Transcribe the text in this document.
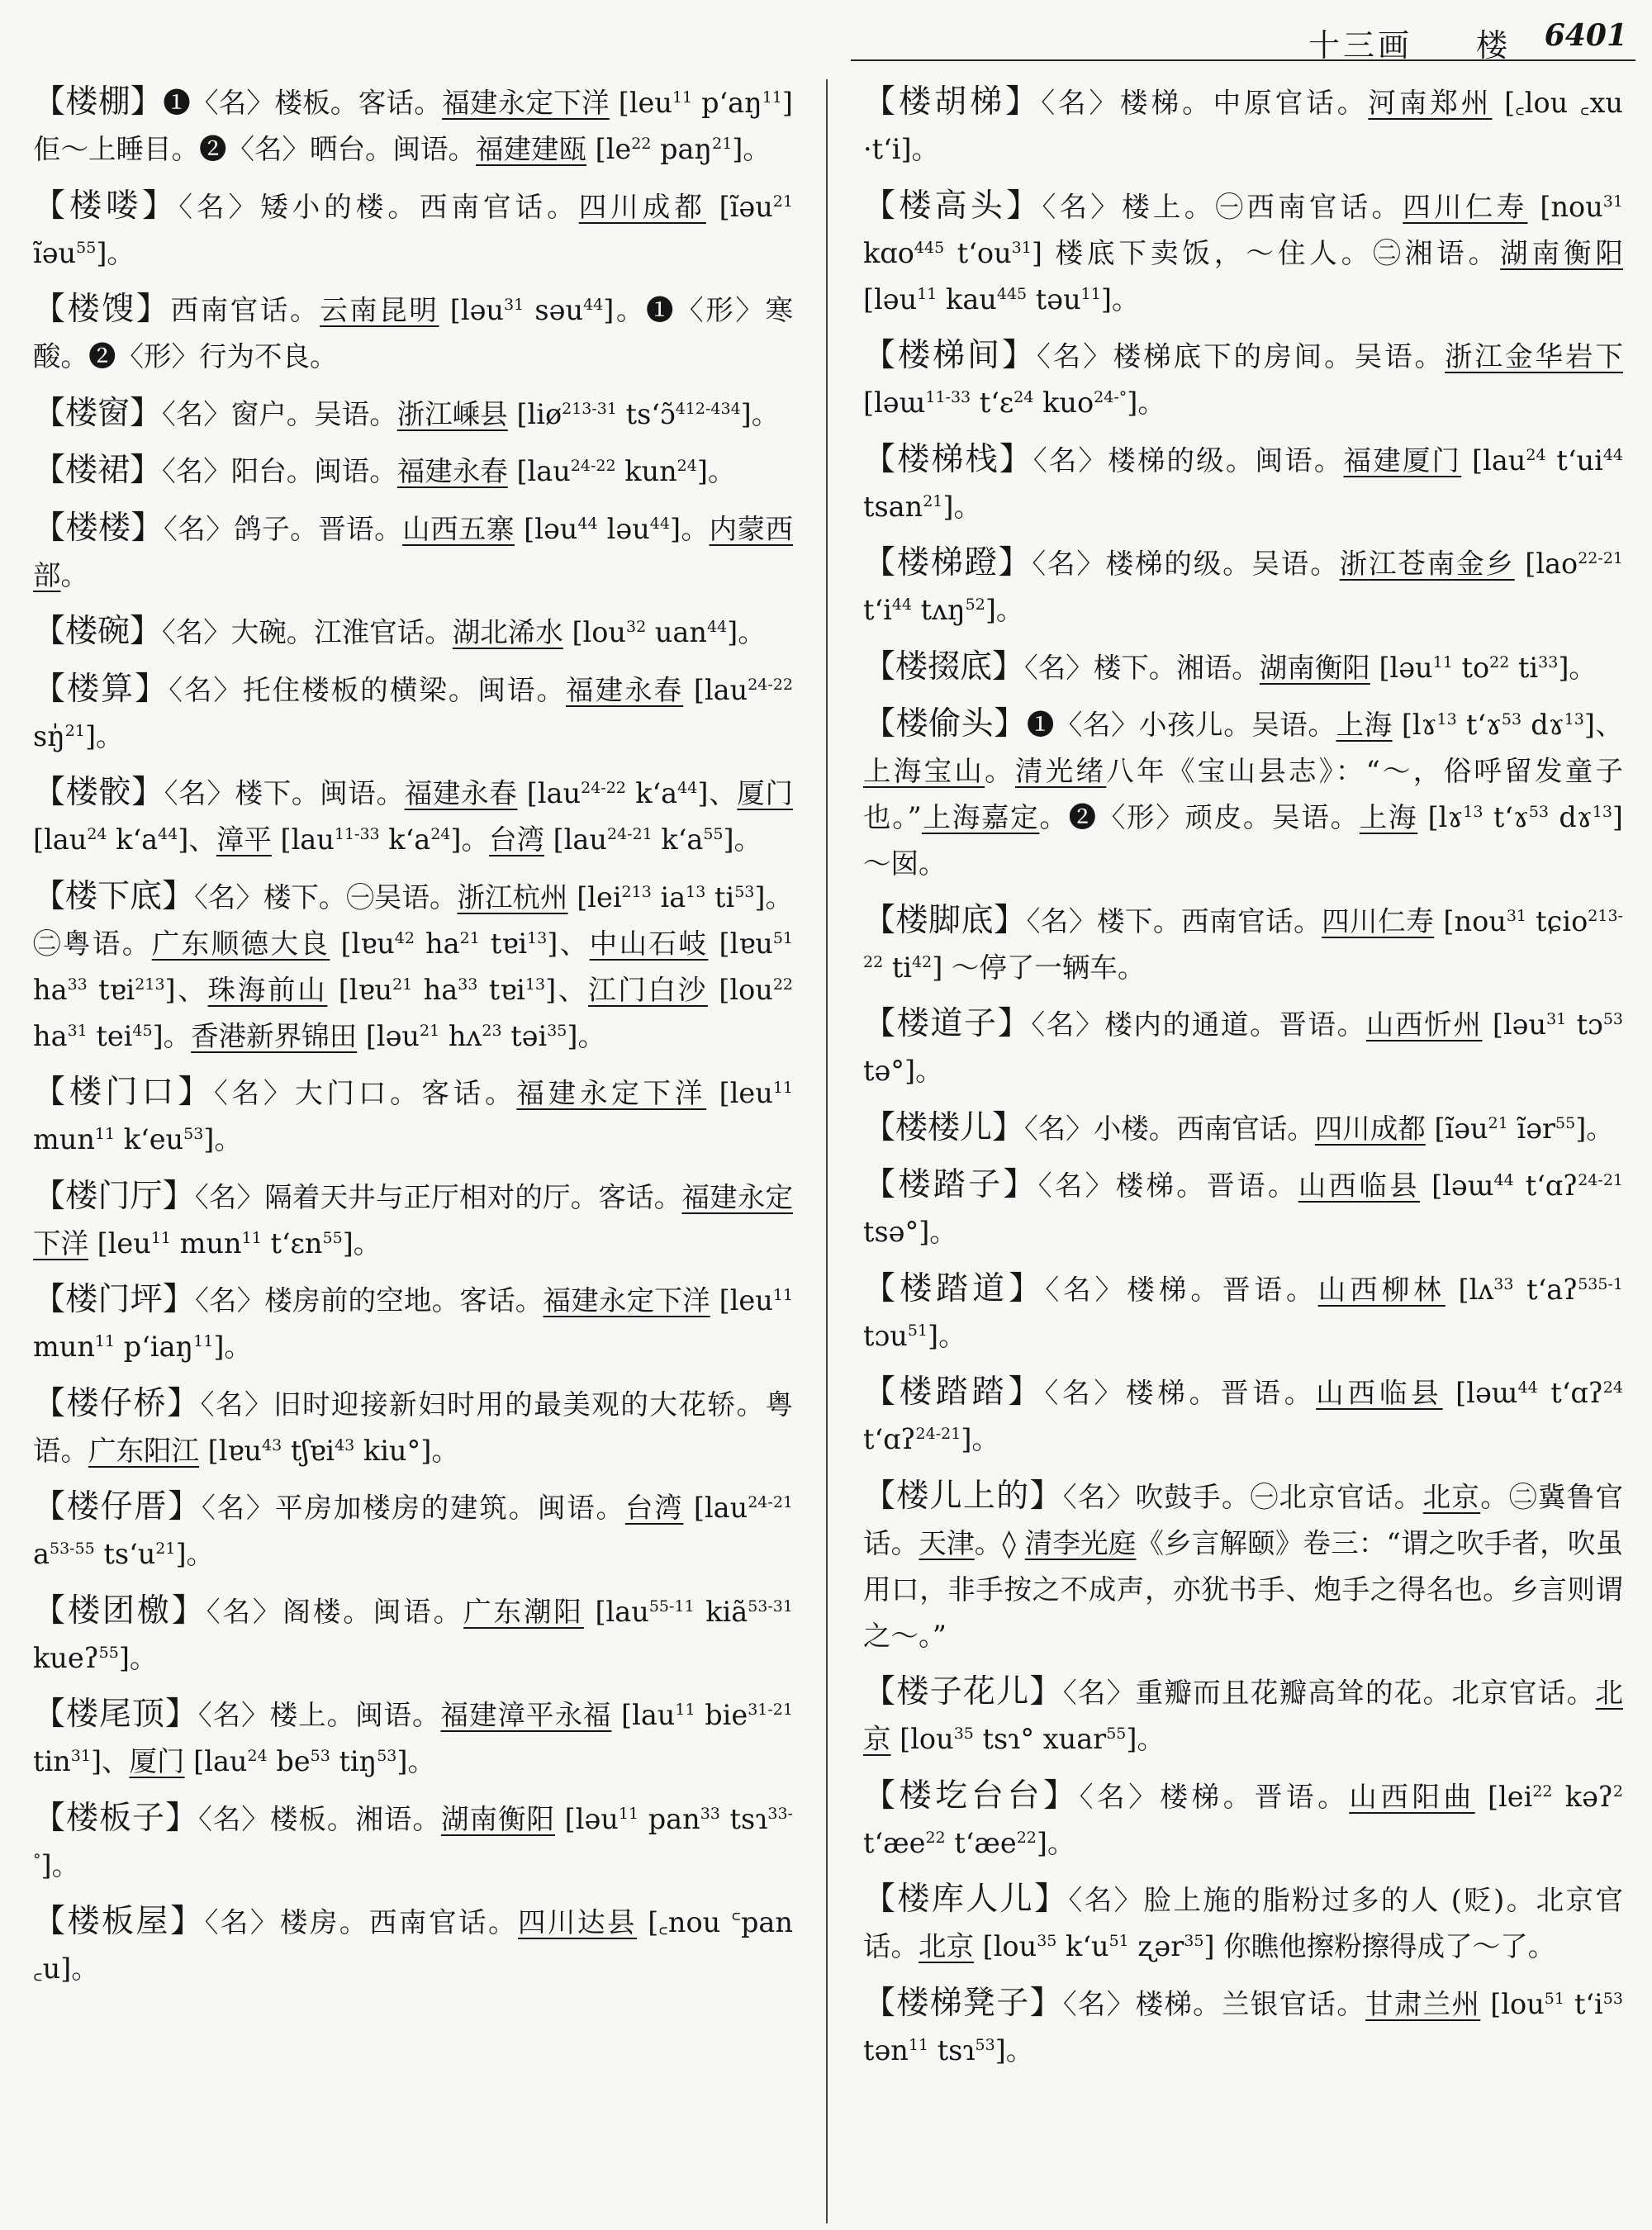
十三画 楼 6401

【楼棚】❶〈名〉楼板。客话。福建永定下洋 [leu$^{11}$ $p‘aŋ^{11}$] 佢～上睡目。❷〈名〉晒台。闽语。福建建瓯 [$le^{22}$ paŋ$^{21}$]。

【楼喽】〈名〉矮小的楼。西南官话。四川成都 [ĩəu$^{21}$ ĩəu$^{55}$]。

【楼馊】西南官话。云南昆明 [ləu$^{31}$ səu$^{44}$]。❶〈形〉寒酸。❷〈形〉行为不良。

【楼窗】〈名〉窗户。吴语。浙江嵊县 [liø$^{213-31}$ tsʻɔ̃$^{412-434}$]。

【楼裙】〈名〉阳台。闽语。福建永春 [lau$^{24-22}$ kun$^{24}$]。

【楼楼】〈名〉鸽子。晋语。山西五寨 [ləu$^{44}$ ləu$^{44}$]。内蒙西部。

【楼碗】〈名〉大碗。江淮官话。湖北浠水 [lou$^{32}$ uan$^{44}$]。

【楼算】〈名〉托住楼板的横梁。闽语。福建永春 [lau$^{24-22}$ sŋ̍$^{21}$]。

【楼骹】〈名〉楼下。闽语。福建永春 [lau$^{24-22}$ $k‘a^{44}$]、厦门 [lau$^{24}$ $k‘a^{44}$]、漳平 [lau$^{11-33}$ $k‘a^{24}$]。台湾 [lau$^{24-21}$ $k‘a^{55}$]。

【楼下底】〈名〉楼下。㊀吴语。浙江杭州 [lei$^{213}$ $ia^{13}$ $ti^{53}$]。㊁粤语。广东顺德大良 [lɐu$^{42}$ $ha^{21}$ tɐi$^{13}$]、中山石岐 [lɐu$^{51}$ $ha^{33}$ tɐi$^{213}$]、珠海前山 [lɐu$^{21}$ $ha^{33}$ tɐi$^{13}$]、江门白沙 [lou$^{22}$ $ha^{31}$ tei$^{45}$]。香港新界锦田 [ləu$^{21}$ hʌ$^{23}$ təi$^{35}$]。

【楼门口】〈名〉大门口。客话。福建永定下洋 [leu$^{11}$ mun$^{11}$ $k‘eu^{53}$]。

【楼门厅】〈名〉隔着天井与正厅相对的厅。客话。福建永定下洋 [leu$^{11}$ mun$^{11}$ t‘ɛn$^{55}$]。

【楼门坪】〈名〉楼房前的空地。客话。福建永定下洋 [leu$^{11}$ mun$^{11}$ p‘iaŋ$^{11}$]。

【楼仔桥】〈名〉旧时迎接新妇时用的最美观的大花轿。粤语。广东阳江 [lɐu$^{43}$ tʃɐi$^{43}$ kiu°]。

【楼仔厝】〈名〉平房加楼房的建筑。闽语。台湾 [lau$^{24-21}$ $a^{53-55}$ $ts‘u^{21}$]。

【楼团檄】〈名〉阁楼。闽语。广东潮阳 [lau$^{55-11}$ kiã$^{53-31}$ kueʔ$^{55}$]。

【楼尾顶】〈名〉楼上。闽语。福建漳平永福 [lau$^{11}$ bie$^{31-21}$ tin$^{31}$]、厦门 [lau$^{24}$ $be^{53}$ tiŋ$^{53}$]。

【楼板子】〈名〉楼板。湘语。湖南衡阳 [ləu$^{11}$ pan$^{33}$ tsɿ$^{33-^\circ}$]。

【楼板屋】〈名〉楼房。西南官话。四川达县 [꜀nou ꜂pan ꜀u]。

【楼胡梯】〈名〉楼梯。中原官话。河南郑州 [꜀lou ꜀xu ·t‘i]。

【楼高头】〈名〉楼上。㊀西南官话。四川仁寿 [nou$^{31}$ kɑo$^{445}$ $t‘ou^{31}$] 楼底下卖饭，～住人。㊁湘语。湖南衡阳 [ləu$^{11}$ kau$^{445}$ təu$^{11}$]。

【楼梯间】〈名〉楼梯底下的房间。吴语。浙江金华岩下 [ləɯ$^{11-33}$ t‘ɛ$^{24}$ kuo$^{24-^\circ}$]。

【楼梯栈】〈名〉楼梯的级。闽语。福建厦门 [lau$^{24}$ $t‘ui^{44}$ tsan$^{21}$]。

【楼梯蹬】〈名〉楼梯的级。吴语。浙江苍南金乡 [lao$^{22-21}$ $t‘i^{44}$ tʌŋ$^{52}$]。

【楼掇底】〈名〉楼下。湘语。湖南衡阳 [ləu$^{11}$ $to^{22}$ $ti^{33}$]。

【楼偷头】❶〈名〉小孩儿。吴语。上海 [lɤ$^{13}$ t‘ɤ$^{53}$ dɤ$^{13}$]、上海宝山。清光绪八年《宝山县志》：“～，俗呼留发童子也。”上海嘉定。❷〈形〉顽皮。吴语。上海 [lɤ$^{13}$ t‘ɤ$^{53}$ dɤ$^{13}$] ～囡。

【楼脚底】〈名〉楼下。西南官话。四川仁寿 [nou$^{31}$ tɕio$^{213-22}$ $ti^{42}$] ～停了一辆车。

【楼道子】〈名〉楼内的通道。晋语。山西忻州 [ləu$^{31}$ tɔ$^{53}$ tə°]。

【楼楼儿】〈名〉小楼。西南官话。四川成都 [ĩəu$^{21}$ ĩər$^{55}$]。

【楼踏子】〈名〉楼梯。晋语。山西临县 [ləɯ$^{44}$ t‘ɑʔ$^{24-21}$ tsə°]。

【楼踏道】〈名〉楼梯。晋语。山西柳林 [lʌ$^{33}$ t‘aʔ$^{535-1}$ tɔu$^{51}$]。

【楼踏踏】〈名〉楼梯。晋语。山西临县 [ləɯ$^{44}$ t‘ɑʔ$^{24}$ t‘ɑʔ$^{24-21}$]。

【楼儿上的】〈名〉吹鼓手。㊀北京官话。北京。㊁冀鲁官话。天津。◊ 清李光庭《乡言解颐》卷三：“谓之吹手者，吹虽用口，非手按之不成声，亦犹书手、炮手之得名也。乡言则谓之～。”

【楼子花儿】〈名〉重瓣而且花瓣高耸的花。北京官话。北京 [lou$^{35}$ tsɿ° xuar$^{55}$]。

【楼圪台台】〈名〉楼梯。晋语。山西阳曲 [lei$^{22}$ kəʔ$^2$ $t‘æe^{22}$ $t‘æe^{22}$]。

【楼库人儿】〈名〉脸上施的脂粉过多的人 (贬)。北京官话。北京 [lou$^{35}$ $k‘u^{51}$ ʐər$^{35}$] 你瞧他擦粉擦得成了～了。

【楼梯凳子】〈名〉楼梯。兰银官话。甘肃兰州 [lou$^{51}$ $t‘i^{53}$ tən$^{11}$ tsɿ$^{53}$]。
